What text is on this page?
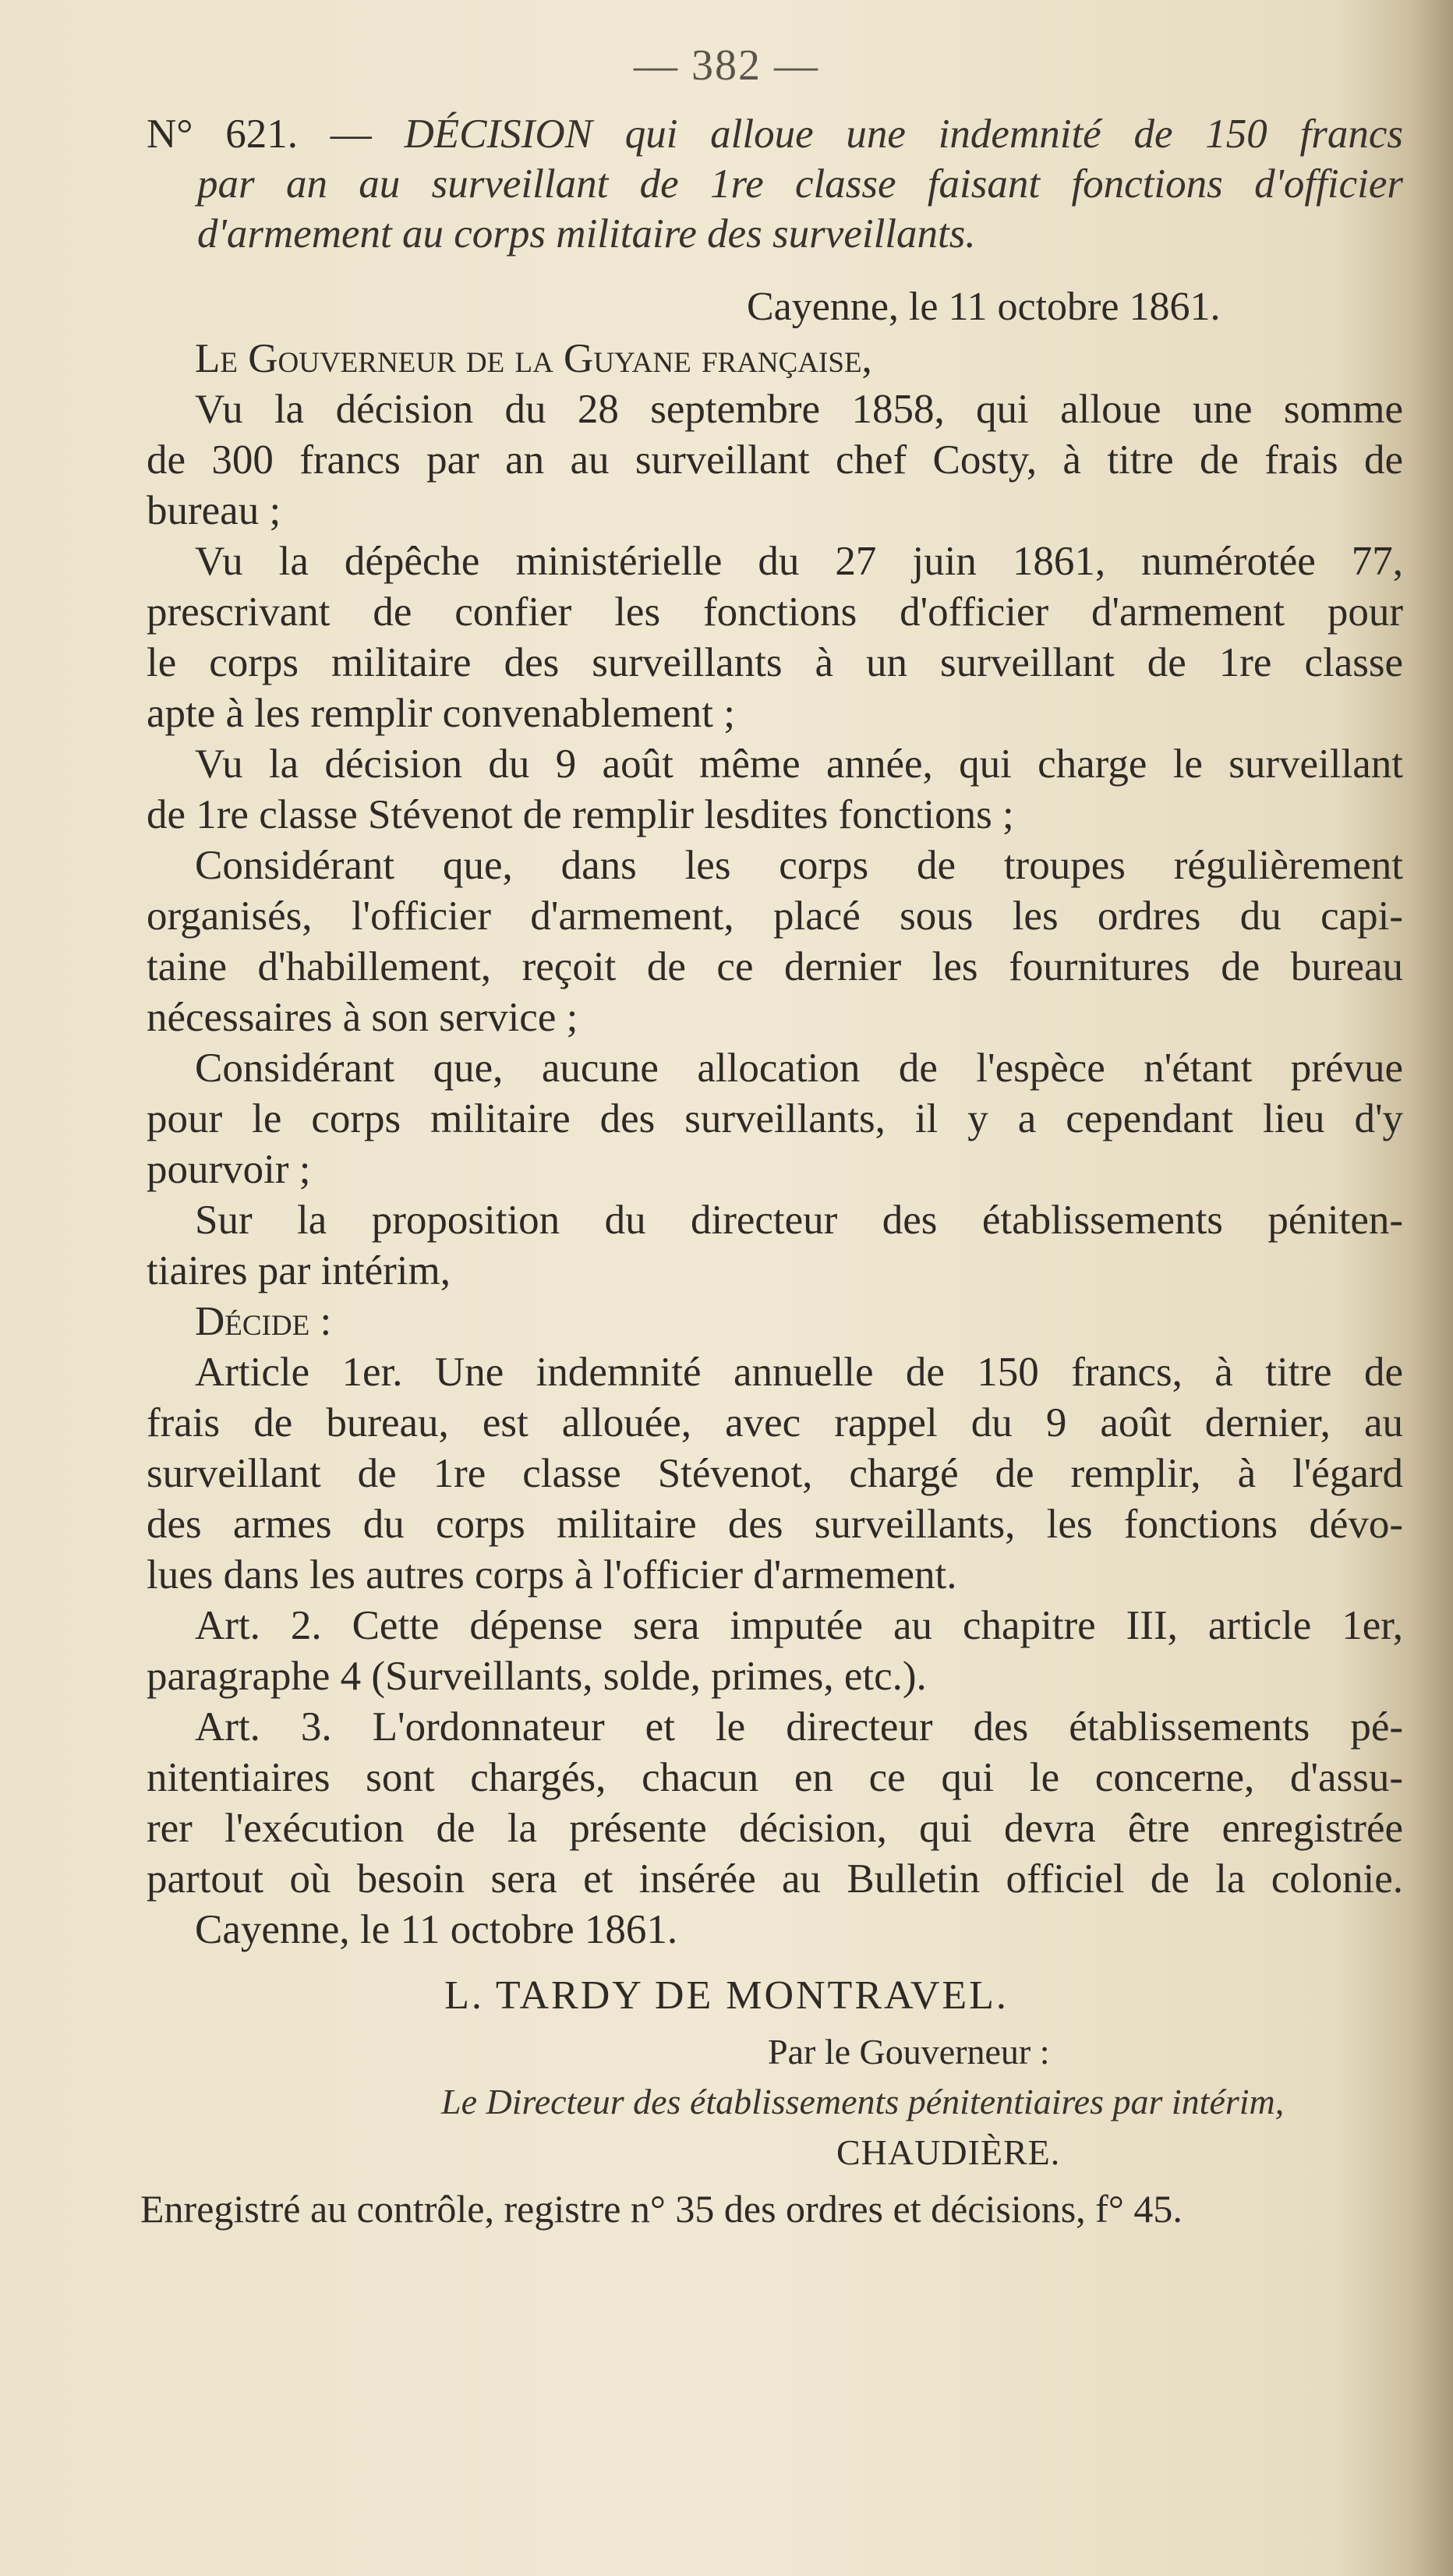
— 382 —
N° 621. — DÉCISION qui alloue une indemnité de 150 francs
par an au surveillant de 1re classe faisant fonctions d'officier
d'armement au corps militaire des surveillants.
Cayenne, le 11 octobre 1861.
Le Gouverneur de la Guyane française,
Vu la décision du 28 septembre 1858, qui alloue une somme
de 300 francs par an au surveillant chef Costy, à titre de frais de
bureau ;
Vu la dépêche ministérielle du 27 juin 1861, numérotée 77,
prescrivant de confier les fonctions d'officier d'armement pour
le corps militaire des surveillants à un surveillant de 1re classe
apte à les remplir convenablement ;
Vu la décision du 9 août même année, qui charge le surveillant
de 1re classe Stévenot de remplir lesdites fonctions ;
Considérant que, dans les corps de troupes régulièrement
organisés, l'officier d'armement, placé sous les ordres du capi-
taine d'habillement, reçoit de ce dernier les fournitures de bureau
nécessaires à son service ;
Considérant que, aucune allocation de l'espèce n'étant prévue
pour le corps militaire des surveillants, il y a cependant lieu d'y
pourvoir ;
Sur la proposition du directeur des établissements péniten-
tiaires par intérim,
Décide :
Article 1er. Une indemnité annuelle de 150 francs, à titre de
frais de bureau, est allouée, avec rappel du 9 août dernier, au
surveillant de 1re classe Stévenot, chargé de remplir, à l'égard
des armes du corps militaire des surveillants, les fonctions dévo-
lues dans les autres corps à l'officier d'armement.
Art. 2. Cette dépense sera imputée au chapitre III, article 1er,
paragraphe 4 (Surveillants, solde, primes, etc.).
Art. 3. L'ordonnateur et le directeur des établissements pé-
nitentiaires sont chargés, chacun en ce qui le concerne, d'assu-
rer l'exécution de la présente décision, qui devra être enregistrée
partout où besoin sera et insérée au Bulletin officiel de la colonie.
Cayenne, le 11 octobre 1861.
L. TARDY DE MONTRAVEL.
Par le Gouverneur :
Le Directeur des établissements pénitentiaires par intérim,
CHAUDIÈRE.
Enregistré au contrôle, registre n° 35 des ordres et décisions, f° 45.
